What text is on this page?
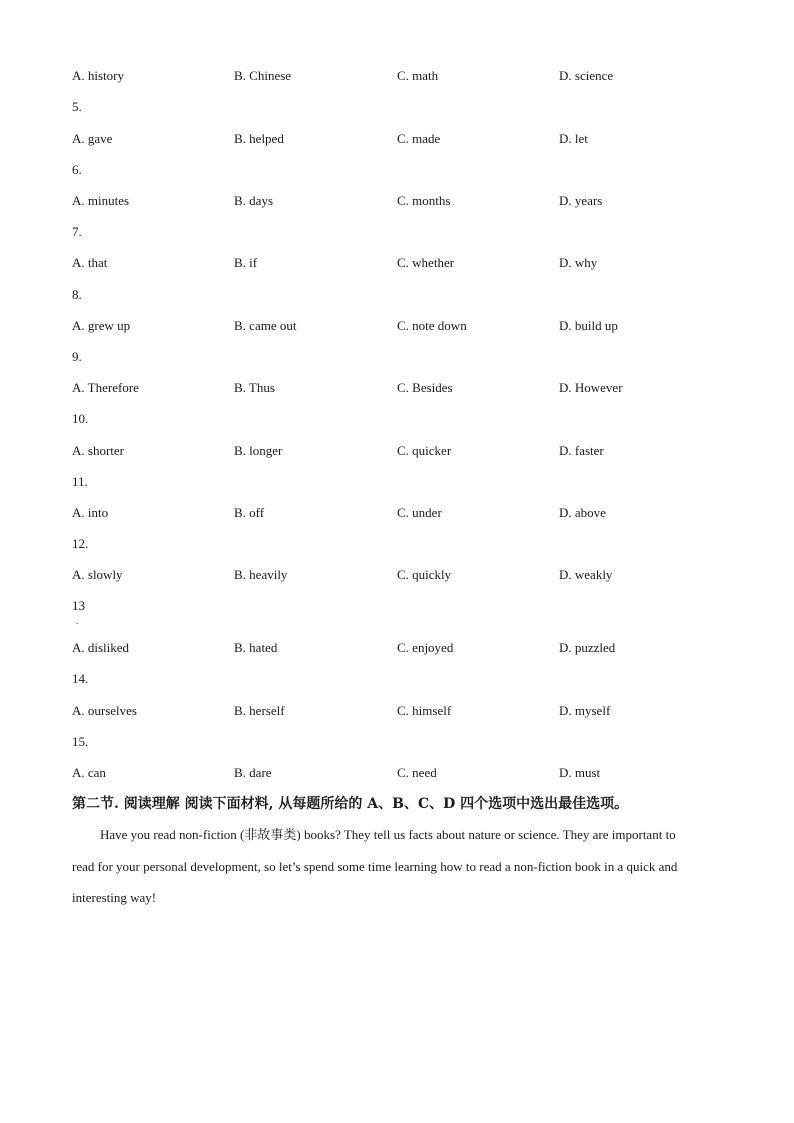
A. history	B. Chinese	C. math	D. science
5.
A. gave	B. helped	C. made	D. let
6.
A. minutes	B. days	C. months	D. years
7.
A. that	B. if	C. whether	D. why
8.
A. grew up	B. came out	C. note down	D. build up
9.
A. Therefore	B. Thus	C. Besides	D. However
10.
A. shorter	B. longer	C. quicker	D. faster
11.
A. into	B. off	C. under	D. above
12.
A. slowly	B. heavily	C. quickly	D. weakly
13
.
A. disliked	B. hated	C. enjoyed	D. puzzled
14.
A. ourselves	B. herself	C. himself	D. myself
15.
A. can	B. dare	C. need	D. must
第二节. 阅读理解 阅读下面材料, 从每题所给的 A、B、C、D 四个选项中选出最佳选项。
Have you read non-fiction (非故事类) books? They tell us facts about nature or science. They are important to
read for your personal development, so let’s spend some time learning how to read a non-fiction book in a quick and
interesting way!
